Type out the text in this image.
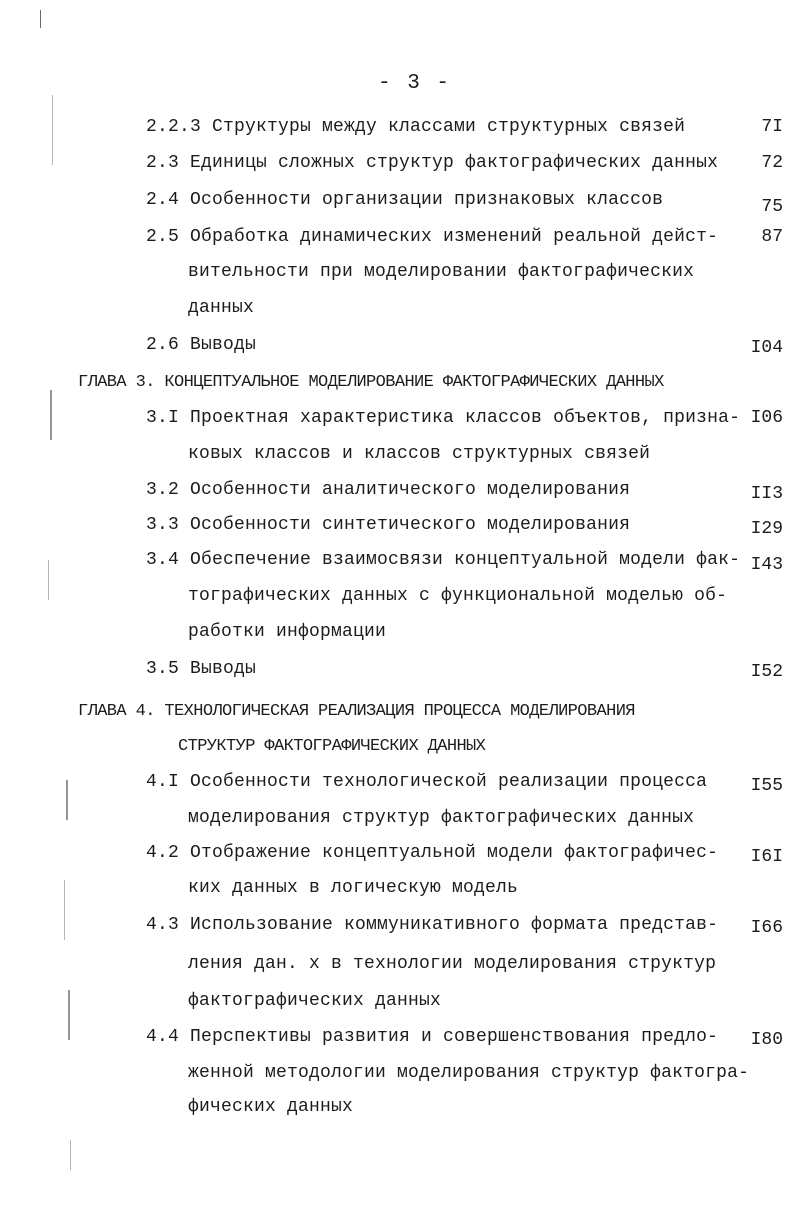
- 3 -
2.2.3 Структуры между классами структурных связей	7I
2.3 Единицы сложных структур фактографических данных	72
2.4 Особенности организации признаковых классов	75
2.5 Обработка динамических изменений реальной дейст-	87
вительности при моделировании фактографических
данных
2.6 Выводы	I04
ГЛАВА 3. КОНЦЕПТУАЛЬНОЕ МОДЕЛИРОВАНИЕ ФАКТОГРАФИЧЕСКИХ ДАННЫХ
3.I Проектная характеристика классов объектов, призна- I06
ковых классов и классов структурных связей
3.2 Особенности аналитического моделирования	II3
3.3 Особенности синтетического моделирования	I29
3.4 Обеспечение взаимосвязи концептуальной модели фак- I43
тографических данных с функциональной моделью об-
работки информации
3.5 Выводы	I52
ГЛАВА 4. ТЕХНОЛОГИЧЕСКАЯ РЕАЛИЗАЦИЯ ПРОЦЕССА МОДЕЛИРОВАНИЯ
СТРУКТУР ФАКТОГРАФИЧЕСКИХ ДАННЫХ
4.I Особенности технологической реализации процесса	I55
моделирования структур фактографических данных
4.2 Отображение концептуальной модели фактографичес-	I6I
ких данных в логическую модель
4.3 Использование коммуникативного формата представ-	I66
ления дан. х в технологии моделирования структур
фактографических данных
4.4 Перспективы развития и совершенствования предло-	I80
женной методологии моделирования структур фактогра-
фических данных
